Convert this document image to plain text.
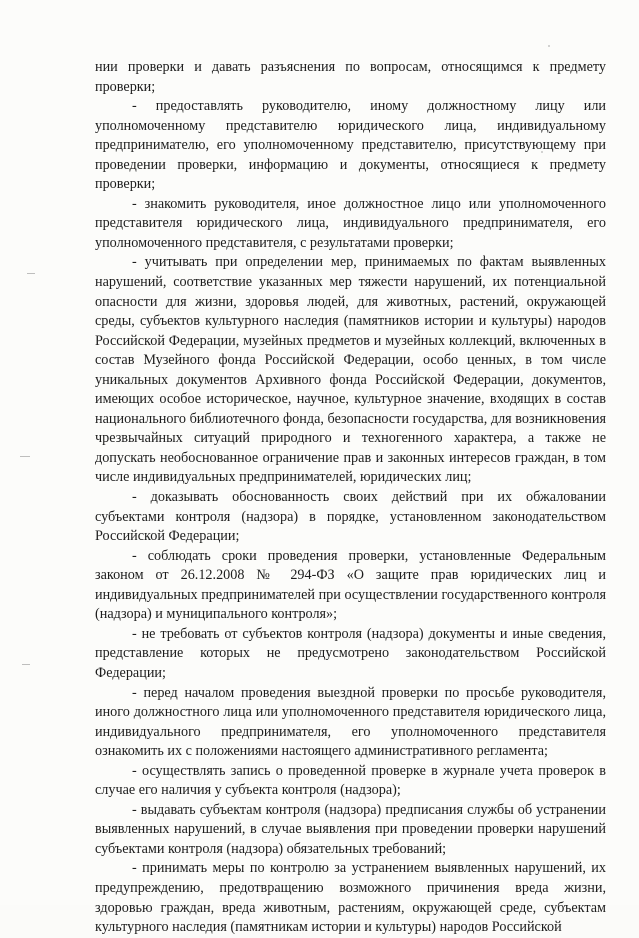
нии проверки и давать разъяснения по вопросам, относящимся к предмету проверки;

- предоставлять руководителю, иному должностному лицу или уполномоченному представителю юридического лица, индивидуальному предпринимателю, его уполномоченному представителю, присутствующему при проведении проверки, информацию и документы, относящиеся к предмету проверки;

- знакомить руководителя, иное должностное лицо или уполномоченного представителя юридического лица, индивидуального предпринимателя, его уполномоченного представителя, с результатами проверки;

- учитывать при определении мер, принимаемых по фактам выявленных нарушений, соответствие указанных мер тяжести нарушений, их потенциальной опасности для жизни, здоровья людей, для животных, растений, окружающей среды, субъектов культурного наследия (памятников истории и культуры) народов Российской Федерации, музейных предметов и музейных коллекций, включенных в состав Музейного фонда Российской Федерации, особо ценных, в том числе уникальных документов Архивного фонда Российской Федерации, документов, имеющих особое историческое, научное, культурное значение, входящих в состав национального библиотечного фонда, безопасности государства, для возникновения чрезвычайных ситуаций природного и техногенного характера, а также не допускать необоснованное ограничение прав и законных интересов граждан, в том числе индивидуальных предпринимателей, юридических лиц;

- доказывать обоснованность своих действий при их обжаловании субъектами контроля (надзора) в порядке, установленном законодательством Российской Федерации;

- соблюдать сроки проведения проверки, установленные Федеральным законом от 26.12.2008 № 294-ФЗ «О защите прав юридических лиц и индивидуальных предпринимателей при осуществлении государственного контроля (надзора) и муниципального контроля»;

- не требовать от субъектов контроля (надзора) документы и иные сведения, представление которых не предусмотрено законодательством Российской Федерации;

- перед началом проведения выездной проверки по просьбе руководителя, иного должностного лица или уполномоченного представителя юридического лица, индивидуального предпринимателя, его уполномоченного представителя ознакомить их с положениями настоящего административного регламента;

- осуществлять запись о проведенной проверке в журнале учета проверок в случае его наличия у субъекта контроля (надзора);

- выдавать субъектам контроля (надзора) предписания службы об устранении выявленных нарушений, в случае выявления при проведении проверки нарушений субъектами контроля (надзора) обязательных требований;

- принимать меры по контролю за устранением выявленных нарушений, их предупреждению, предотвращению возможного причинения вреда жизни, здоровью граждан, вреда животным, растениям, окружающей среде, субъектам культурного наследия (памятникам истории и культуры) народов Российской
